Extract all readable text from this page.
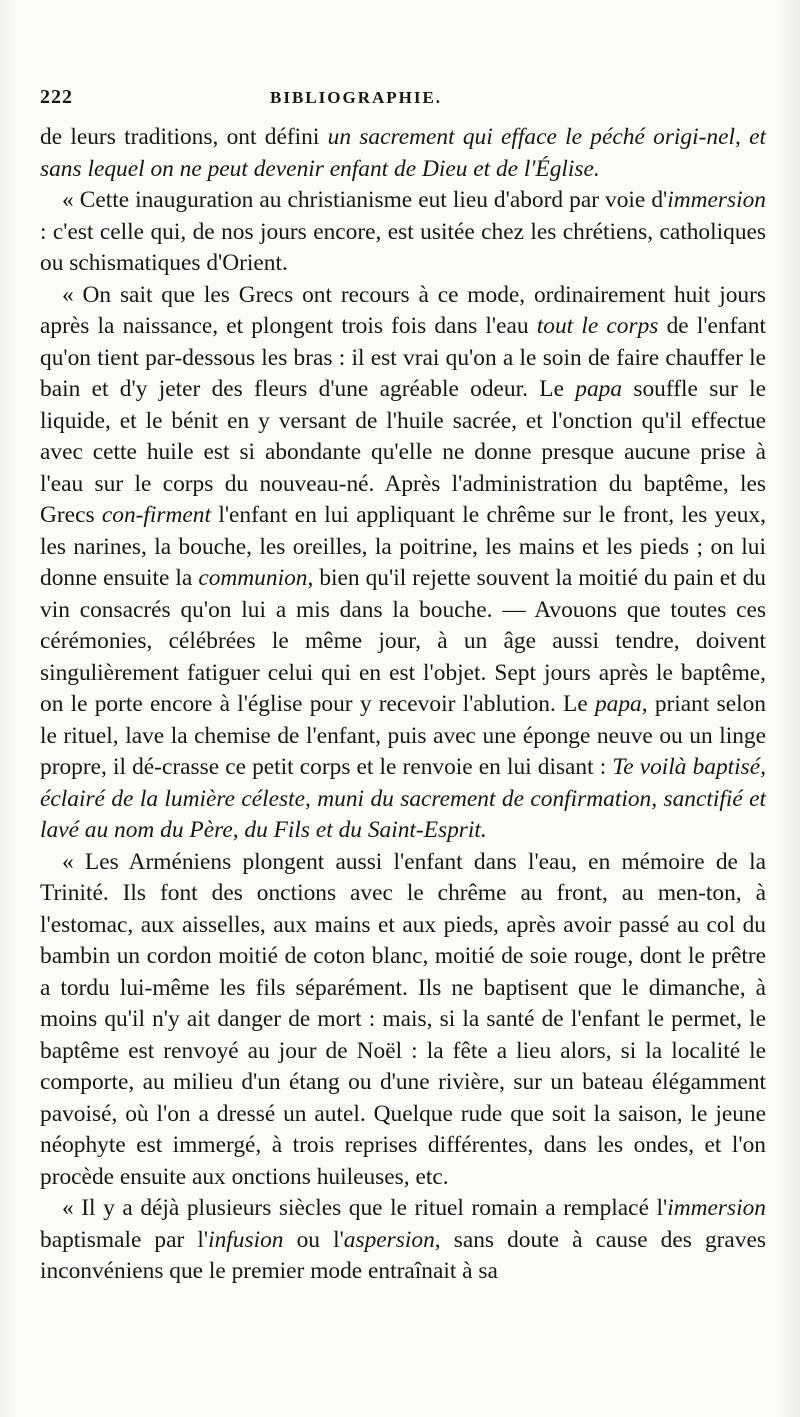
222	BIBLIOGRAPHIE.

de leurs traditions, ont défini un sacrement qui efface le péché origi-nel, et sans lequel on ne peut devenir enfant de Dieu et de l'Église.

« Cette inauguration au christianisme eut lieu d'abord par voie d'immersion : c'est celle qui, de nos jours encore, est usitée chez les chrétiens, catholiques ou schismatiques d'Orient.

« On sait que les Grecs ont recours à ce mode, ordinairement huit jours après la naissance, et plongent trois fois dans l'eau tout le corps de l'enfant qu'on tient par-dessous les bras : il est vrai qu'on a le soin de faire chauffer le bain et d'y jeter des fleurs d'une agréable odeur. Le papa souffle sur le liquide, et le bénit en y versant de l'huile sacrée, et l'onction qu'il effectue avec cette huile est si abondante qu'elle ne donne presque aucune prise à l'eau sur le corps du nouveau-né. Après l'administration du baptême, les Grecs con-firment l'enfant en lui appliquant le chrême sur le front, les yeux, les narines, la bouche, les oreilles, la poitrine, les mains et les pieds ; on lui donne ensuite la communion, bien qu'il rejette souvent la moitié du pain et du vin consacrés qu'on lui a mis dans la bouche. — Avouons que toutes ces cérémonies, célébrées le même jour, à un âge aussi tendre, doivent singulièrement fatiguer celui qui en est l'objet. Sept jours après le baptême, on le porte encore à l'église pour y recevoir l'ablution. Le papa, priant selon le rituel, lave la chemise de l'enfant, puis avec une éponge neuve ou un linge propre, il dé-crasse ce petit corps et le renvoie en lui disant : Te voilà baptisé, éclairé de la lumière céleste, muni du sacrement de confirmation, sanctifié et lavé au nom du Père, du Fils et du Saint-Esprit.

« Les Arméniens plongent aussi l'enfant dans l'eau, en mémoire de la Trinité. Ils font des onctions avec le chrême au front, au men-ton, à l'estomac, aux aisselles, aux mains et aux pieds, après avoir passé au col du bambin un cordon moitié de coton blanc, moitié de soie rouge, dont le prêtre a tordu lui-même les fils séparément. Ils ne baptisent que le dimanche, à moins qu'il n'y ait danger de mort : mais, si la santé de l'enfant le permet, le baptême est renvoyé au jour de Noël : la fête a lieu alors, si la localité le comporte, au milieu d'un étang ou d'une rivière, sur un bateau élégamment pavoisé, où l'on a dressé un autel. Quelque rude que soit la saison, le jeune néophyte est immergé, à trois reprises différentes, dans les ondes, et l'on procède ensuite aux onctions huileuses, etc.

« Il y a déjà plusieurs siècles que le rituel romain a remplacé l'immersion baptismale par l'infusion ou l'aspersion, sans doute à cause des graves inconvéniens que le premier mode entraînait à sa
